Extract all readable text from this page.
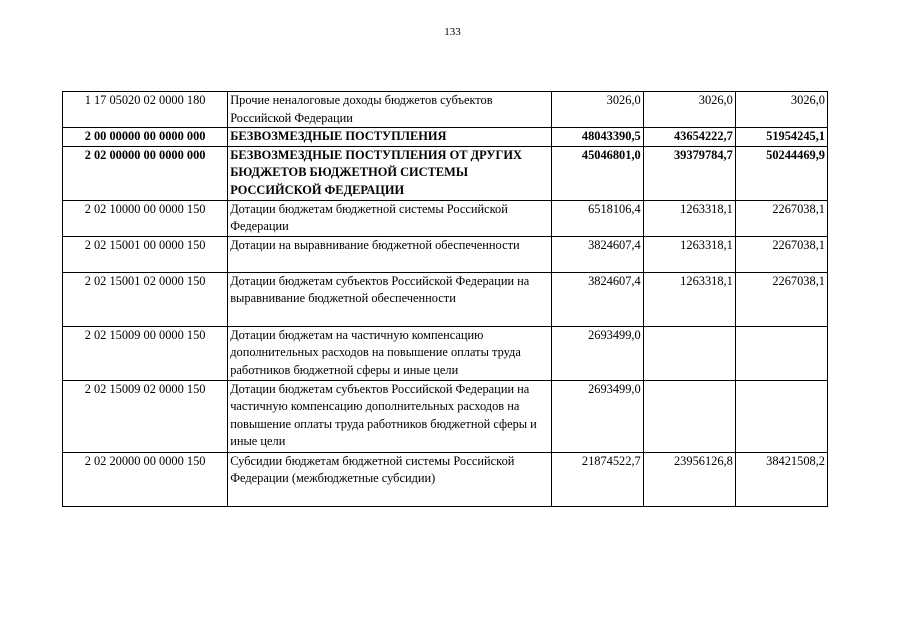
133
1 17 05020 02 0000 180	Прочие неналоговые доходы бюджетов субъектов Российской Федерации	3026,0	3026,0	3026,0
2 00 00000 00 0000 000	БЕЗВОЗМЕЗДНЫЕ ПОСТУПЛЕНИЯ	48043390,5	43654222,7	51954245,1
2 02 00000 00 0000 000	БЕЗВОЗМЕЗДНЫЕ ПОСТУПЛЕНИЯ ОТ ДРУГИХ БЮДЖЕТОВ БЮДЖЕТНОЙ СИСТЕМЫ РОССИЙСКОЙ ФЕДЕРАЦИИ	45046801,0	39379784,7	50244469,9
2 02 10000 00 0000 150	Дотации бюджетам бюджетной системы Российской Федерации	6518106,4	1263318,1	2267038,1
2 02 15001 00 0000 150	Дотации на выравнивание бюджетной обеспеченности	3824607,4	1263318,1	2267038,1
2 02 15001 02 0000 150	Дотации бюджетам субъектов Российской Федерации на выравнивание бюджетной обеспеченности	3824607,4	1263318,1	2267038,1
2 02 15009 00 0000 150	Дотации бюджетам на частичную компенсацию дополнительных расходов на повышение оплаты труда работников бюджетной сферы и иные цели	2693499,0		
2 02 15009 02 0000 150	Дотации бюджетам субъектов Российской Федерации на частичную компенсацию дополнительных расходов на повышение оплаты труда работников бюджетной сферы и иные цели	2693499,0		
2 02 20000 00 0000 150	Субсидии бюджетам бюджетной системы Российской Федерации (межбюджетные субсидии)	21874522,7	23956126,8	38421508,2
